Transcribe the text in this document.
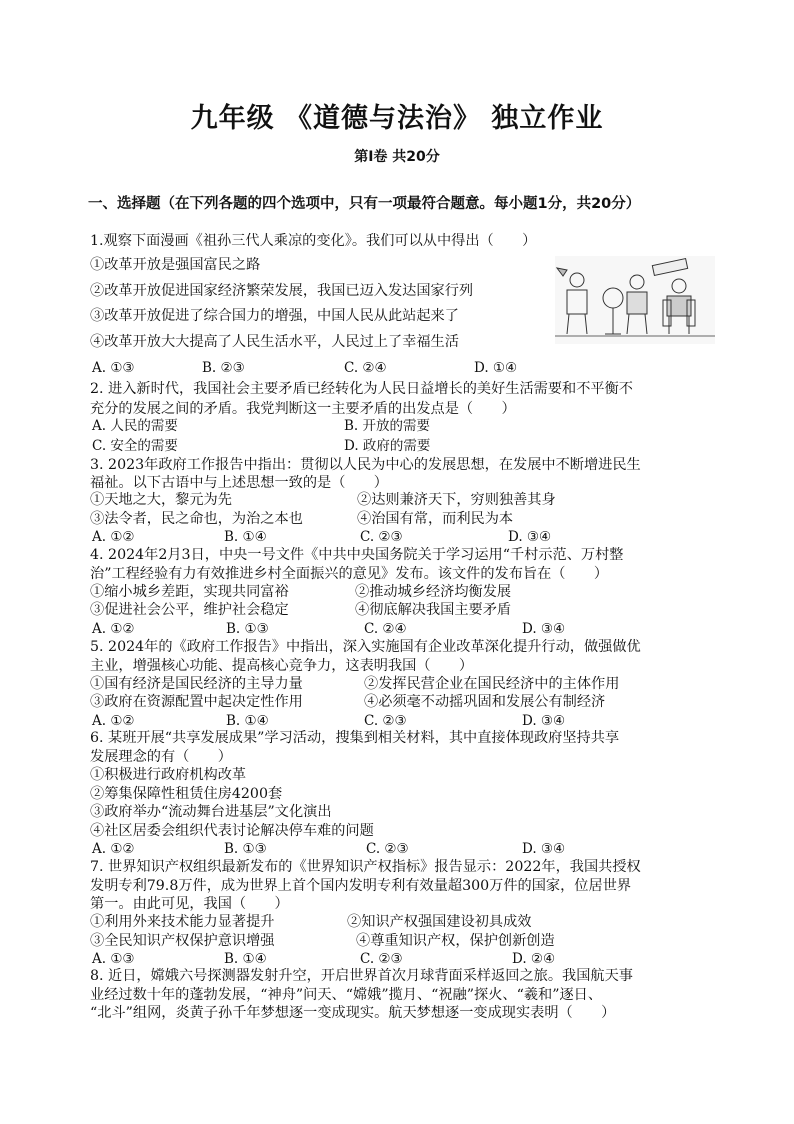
九年级 《道德与法治》 独立作业
第Ⅰ卷 共20分
一、选择题（在下列各题的四个选项中，只有一项最符合题意。每小题1分，共20分）
1.观察下面漫画《祖孙三代人乘凉的变化》。我们可以从中得出（　　）
①改革开放是强国富民之路
②改革开放促进国家经济繁荣发展，我国已迈入发达国家行列
③改革开放促进了综合国力的增强，中国人民从此站起来了
④改革开放大大提高了人民生活水平，人民过上了幸福生活
A. ①③	B. ②③	C. ②④	D. ①④
2. 进入新时代，我国社会主要矛盾已经转化为人民日益增长的美好生活需要和不平衡不
充分的发展之间的矛盾。我党判断这一主要矛盾的出发点是（　　）
A. 人民的需要	B. 开放的需要
C. 安全的需要	D. 政府的需要
3. 2023年政府工作报告中指出：贯彻以人民为中心的发展思想，在发展中不断增进民生
福祉。以下古语中与上述思想一致的是（　　）
①天地之大，黎元为先	②达则兼济天下，穷则独善其身
③法令者，民之命也，为治之本也	④治国有常，而利民为本
A. ①②	B. ①④	C. ②③	D. ③④
4. 2024年2月3日，中央一号文件《中共中央国务院关于学习运用“千村示范、万村整
治”工程经验有力有效推进乡村全面振兴的意见》发布。该文件的发布旨在（　　）
①缩小城乡差距，实现共同富裕	②推动城乡经济均衡发展
③促进社会公平，维护社会稳定	④彻底解决我国主要矛盾
A. ①②	B. ①③	C. ②④	D. ③④
5. 2024年的《政府工作报告》中指出，深入实施国有企业改革深化提升行动，做强做优
主业，增强核心功能、提高核心竞争力，这表明我国（　　）
①国有经济是国民经济的主导力量	②发挥民营企业在国民经济中的主体作用
③政府在资源配置中起决定性作用	④必须毫不动摇巩固和发展公有制经济
A. ①②	B. ①④	C. ②③	D. ③④
6. 某班开展“共享发展成果”学习活动，搜集到相关材料，其中直接体现政府坚持共享
发展理念的有（　　）
①积极进行政府机构改革
②筹集保障性租赁住房4200套
③政府举办“流动舞台进基层”文化演出
④社区居委会组织代表讨论解决停车难的问题
A. ①②	B. ①③	C. ②③	D. ③④
7. 世界知识产权组织最新发布的《世界知识产权指标》报告显示：2022年，我国共授权
发明专利79.8万件，成为世界上首个国内发明专利有效量超300万件的国家，位居世界
第一。由此可见，我国（　　）
①利用外来技术能力显著提升	②知识产权强国建设初具成效
③全民知识产权保护意识增强	④尊重知识产权，保护创新创造
A. ①③	B. ①④	C. ②③	D. ②④
8. 近日，嫦娥六号探测器发射升空，开启世界首次月球背面采样返回之旅。我国航天事
业经过数十年的蓬勃发展，“神舟”问天、“嫦娥”揽月、“祝融”探火、“羲和”逐日、
“北斗”组网，炎黄子孙千年梦想逐一变成现实。航天梦想逐一变成现实表明（　　）
